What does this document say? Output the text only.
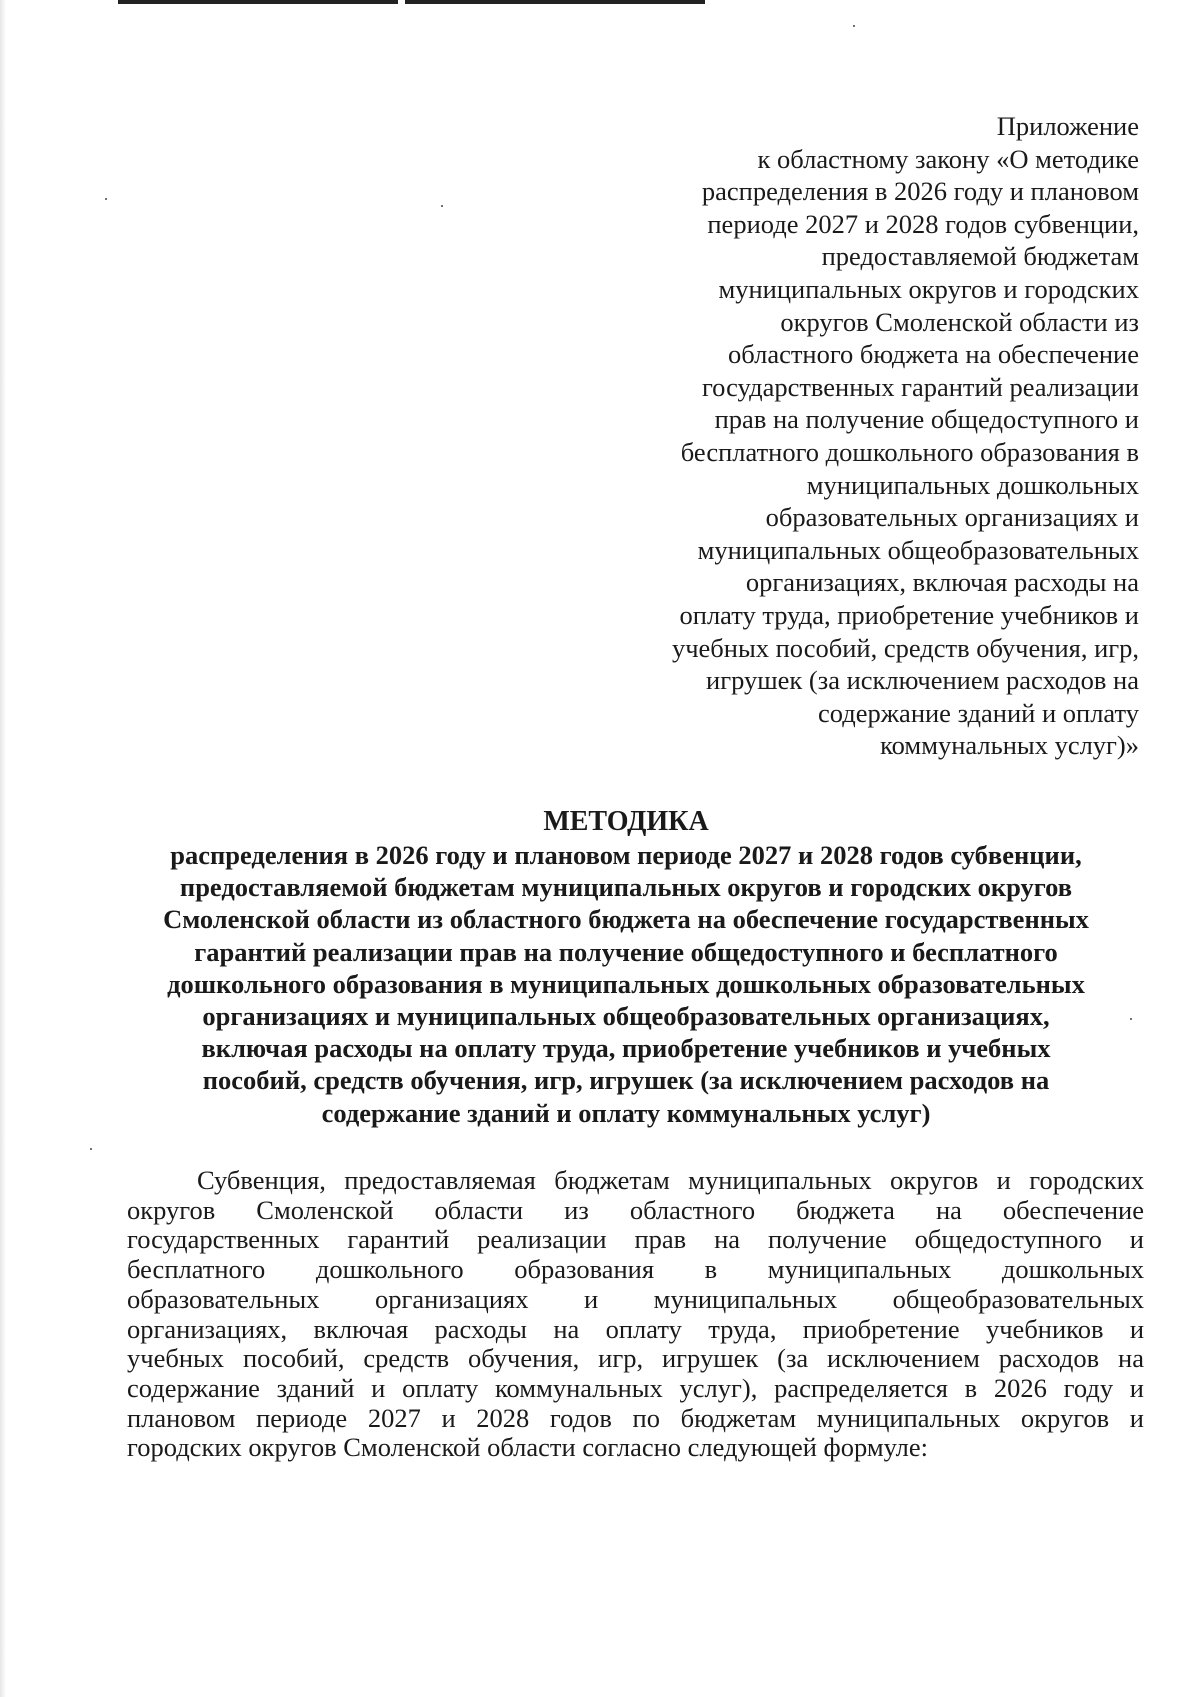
Приложение
к областному закону «О методике
распределения в 2026 году и плановом
периоде 2027 и 2028 годов субвенции,
предоставляемой бюджетам
муниципальных округов и городских
округов Смоленской области из
областного бюджета на обеспечение
государственных гарантий реализации
прав на получение общедоступного и
бесплатного дошкольного образования в
муниципальных дошкольных
образовательных организациях и
муниципальных общеобразовательных
организациях, включая расходы на
оплату труда, приобретение учебников и
учебных пособий, средств обучения, игр,
игрушек (за исключением расходов на
содержание зданий и оплату
коммунальных услуг)»
МЕТОДИКА
распределения в 2026 году и плановом периоде 2027 и 2028 годов субвенции,
предоставляемой бюджетам муниципальных округов и городских округов
Смоленской области из областного бюджета на обеспечение государственных
гарантий реализации прав на получение общедоступного и бесплатного
дошкольного образования в муниципальных дошкольных образовательных
организациях и муниципальных общеобразовательных организациях,
включая расходы на оплату труда, приобретение учебников и учебных
пособий, средств обучения, игр, игрушек (за исключением расходов на
содержание зданий и оплату коммунальных услуг)
Субвенция, предоставляемая бюджетам муниципальных округов и городских
округов Смоленской области из областного бюджета на обеспечение
государственных гарантий реализации прав на получение общедоступного и
бесплатного дошкольного образования в муниципальных дошкольных
образовательных организациях и муниципальных общеобразовательных
организациях, включая расходы на оплату труда, приобретение учебников и
учебных пособий, средств обучения, игр, игрушек (за исключением расходов на
содержание зданий и оплату коммунальных услуг), распределяется в 2026 году и
плановом периоде 2027 и 2028 годов по бюджетам муниципальных округов и
городских округов Смоленской области согласно следующей формуле:
